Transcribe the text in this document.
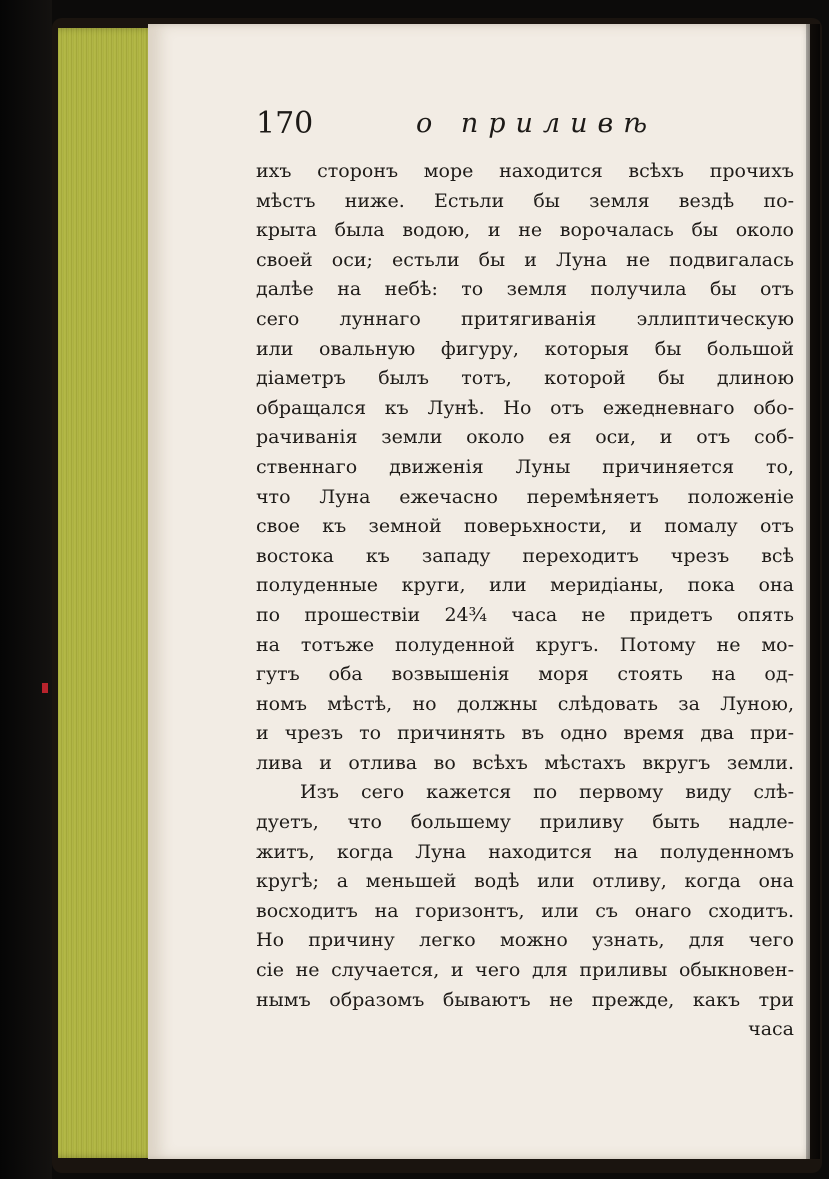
170	о приливѣ
ихъ сторонъ море находится всѣхъ прочихъ
мѣстъ ниже. Естьли бы земля вездѣ по-
крыта была водою, и не ворочалась бы около
своей оси; естьли бы и Луна не подвигалась
далѣе на небѣ: то земля получила бы отъ
сего луннаго притягиванія эллиптическую
или овальную фигуру, которыя бы большой
діаметръ былъ тотъ, которой бы длиною
обращался къ Лунѣ. Но отъ ежедневнаго обо-
рачиванія земли около ея оси, и отъ соб-
ственнаго движенія Луны причиняется то,
что Луна ежечасно перемѣняетъ положеніе
свое къ земной поверьхности, и помалу отъ
востока къ западу переходитъ чрезъ всѣ
полуденные круги, или меридіаны, пока она
по прошествіи 24¾ часа не придетъ опять
на тотъже полуденной кругъ. Потому не мо-
гутъ оба возвышенія моря стоять на од-
номъ мѣстѣ, но должны слѣдовать за Луною,
и чрезъ то причинять въ одно время два при-
лива и отлива во всѣхъ мѣстахъ вкругъ земли.
Изъ сего кажется по первому виду слѣ-
дуетъ, что большему приливу быть надле-
житъ, когда Луна находится на полуденномъ
кругѣ; а меньшей водѣ или отливу, когда она
восходитъ на горизонтъ, или съ онаго сходитъ.
Но причину легко можно узнать, для чего
сіе не случается, и чего для приливы обыкновен-
нымъ образомъ бываютъ не прежде, какъ три
часа
